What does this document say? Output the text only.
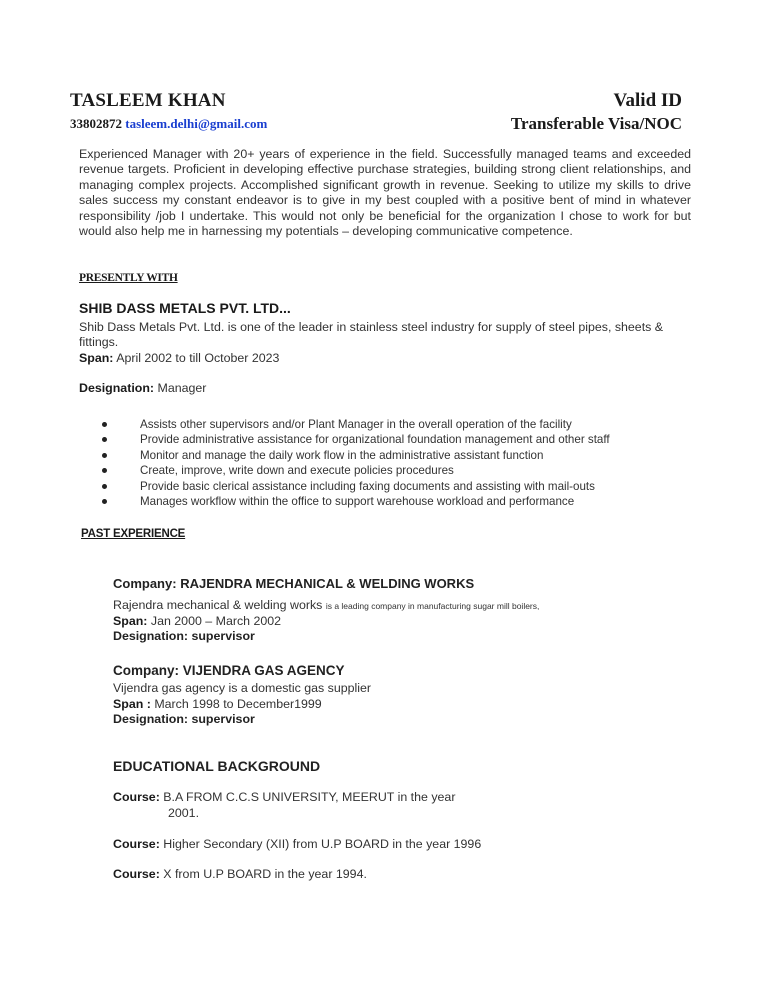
TASLEEM KHAN
33802872 tasleem.delhi@gmail.com
Valid ID
Transferable Visa/NOC
Experienced Manager with 20+ years of experience in the field. Successfully managed teams and exceeded revenue targets. Proficient in developing effective purchase strategies, building strong client relationships, and managing complex projects. Accomplished significant growth in revenue. Seeking to utilize my skills to drive sales success my constant endeavor is to give in my best coupled with a positive bent of mind in whatever responsibility /job I undertake. This would not only be beneficial for the organization I chose to work for but would also help me in harnessing my potentials – developing communicative competence.
PRESENTLY WITH
SHIB DASS METALS PVT. LTD...
Shib Dass Metals Pvt. Ltd. is one of the leader in stainless steel industry for supply of steel pipes, sheets & fittings.
Span: April 2002 to till October 2023
Designation: Manager
Assists other supervisors and/or Plant Manager in the overall operation of the facility
Provide administrative assistance for organizational foundation management and other staff
Monitor and manage the daily work flow in the administrative assistant function
Create, improve, write down and execute policies procedures
Provide basic clerical assistance including faxing documents and assisting with mail-outs
Manages workflow within the office to support warehouse workload and performance
PAST EXPERIENCE
Company: RAJENDRA MECHANICAL & WELDING WORKS
Rajendra mechanical & welding works is a leading company in manufacturing sugar mill boilers,
Span: Jan 2000 – March 2002
Designation: supervisor
Company: VIJENDRA GAS AGENCY
Vijendra gas agency is a domestic gas supplier
Span : March 1998 to December1999
Designation: supervisor
EDUCATIONAL BACKGROUND
Course: B.A FROM C.C.S UNIVERSITY, MEERUT in the year
2001.
Course: Higher Secondary (XII) from U.P BOARD in the year 1996
Course: X from U.P BOARD in the year 1994.
